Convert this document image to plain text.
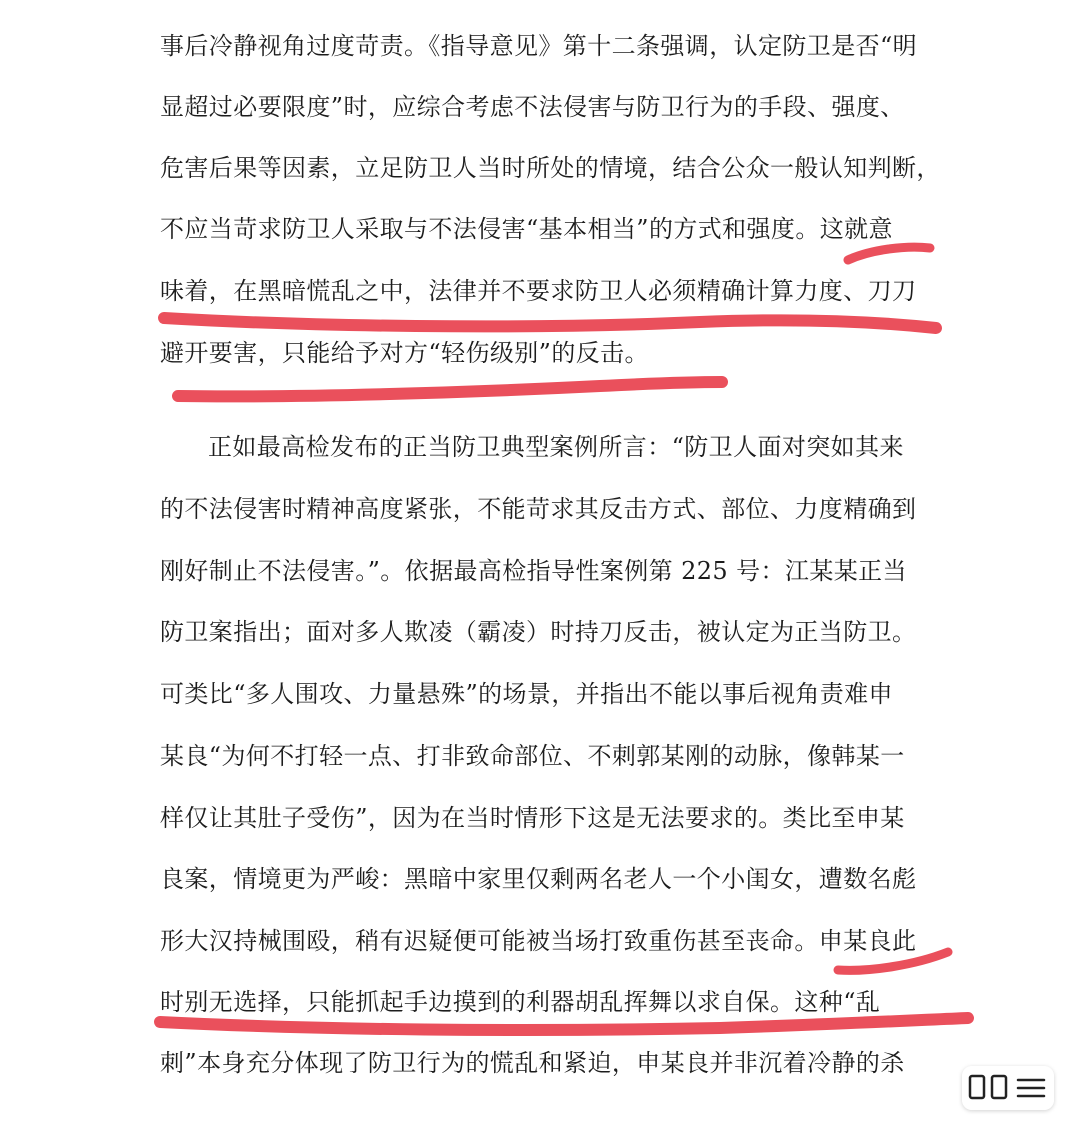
事后冷静视角过度苛责。《指导意见》第十二条强调，认定防卫是否“明
显超过必要限度”时，应综合考虑不法侵害与防卫行为的手段、强度、
危害后果等因素，立足防卫人当时所处的情境，结合公众一般认知判断，
不应当苛求防卫人采取与不法侵害“基本相当”的方式和强度。这就意
味着，在黑暗慌乱之中，法律并不要求防卫人必须精确计算力度、刀刀
避开要害，只能给予对方“轻伤级别”的反击。
正如最高检发布的正当防卫典型案例所言：“防卫人面对突如其来
的不法侵害时精神高度紧张，不能苛求其反击方式、部位、力度精确到
刚好制止不法侵害。”。依据最高检指导性案例第 225 号：江某某正当
防卫案指出；面对多人欺凌（霸凌）时持刀反击，被认定为正当防卫。
可类比“多人围攻、力量悬殊”的场景，并指出不能以事后视角责难申
某良“为何不打轻一点、打非致命部位、不刺郭某刚的动脉，像韩某一
样仅让其肚子受伤”，因为在当时情形下这是无法要求的。类比至申某
良案，情境更为严峻：黑暗中家里仅剩两名老人一个小闺女，遭数名彪
形大汉持械围殴，稍有迟疑便可能被当场打致重伤甚至丧命。申某良此
时别无选择，只能抓起手边摸到的利器胡乱挥舞以求自保。这种“乱
刺”本身充分体现了防卫行为的慌乱和紧迫，申某良并非沉着冷静的杀
